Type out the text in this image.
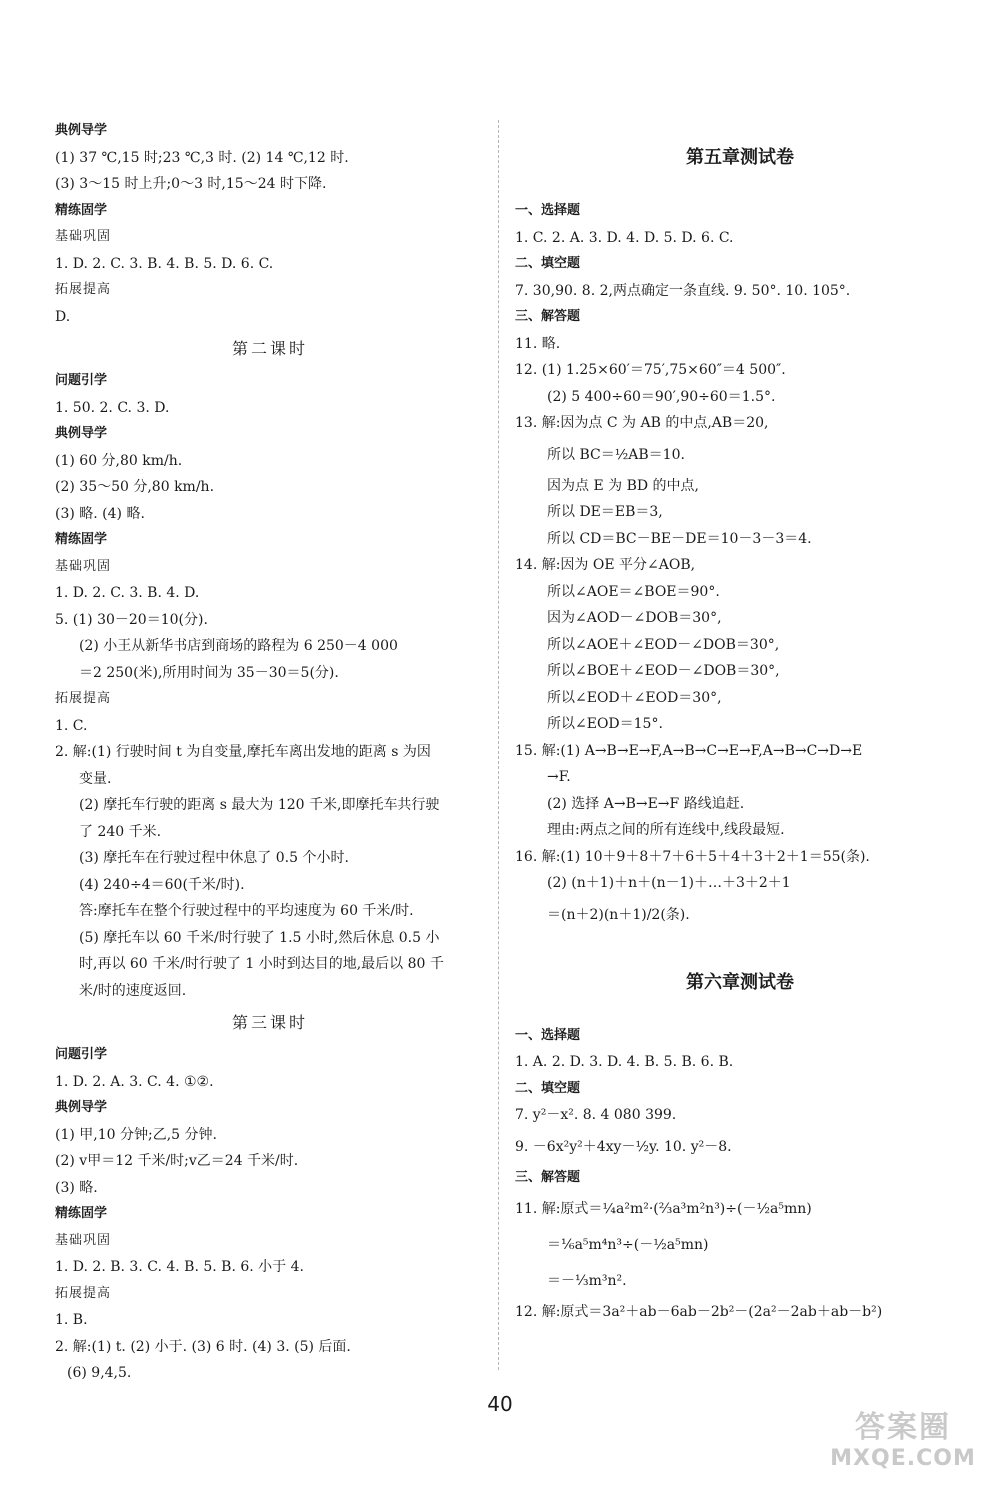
典例导学
(1) 37 ℃,15 时;23 ℃,3 时. (2) 14 ℃,12 时.
(3) 3～15 时上升;0～3 时,15～24 时下降.
精练固学
基础巩固
1. D. 2. C. 3. B. 4. B. 5. D. 6. C.
拓展提高
D.
第二课时
问题引学
1. 50. 2. C. 3. D.
典例导学
(1) 60 分,80 km/h.
(2) 35～50 分,80 km/h.
(3) 略. (4) 略.
精练固学
基础巩固
1. D. 2. C. 3. B. 4. D.
5. (1) 30－20＝10(分).
(2) 小王从新华书店到商场的路程为 6 250－4 000
＝2 250(米),所用时间为 35－30＝5(分).
拓展提高
1. C.
2. 解:(1) 行驶时间 t 为自变量,摩托车离出发地的距离 s 为因
变量.
(2) 摩托车行驶的距离 s 最大为 120 千米,即摩托车共行驶
了 240 千米.
(3) 摩托车在行驶过程中休息了 0.5 个小时.
(4) 240÷4＝60(千米/时).
答:摩托车在整个行驶过程中的平均速度为 60 千米/时.
(5) 摩托车以 60 千米/时行驶了 1.5 小时,然后休息 0.5 小
时,再以 60 千米/时行驶了 1 小时到达目的地,最后以 80 千
米/时的速度返回.
第三课时
问题引学
1. D. 2. A. 3. C. 4. ①②.
典例导学
(1) 甲,10 分钟;乙,5 分钟.
(2) v甲＝12 千米/时;v乙＝24 千米/时.
(3) 略.
精练固学
基础巩固
1. D. 2. B. 3. C. 4. B. 5. B. 6. 小于 4.
拓展提高
1. B.
2. 解:(1) t. (2) 小于. (3) 6 时. (4) 3. (5) 后面.
(6) 9,4,5.
第五章测试卷
一、选择题
1. C. 2. A. 3. D. 4. D. 5. D. 6. C.
二、填空题
7. 30,90. 8. 2,两点确定一条直线. 9. 50°. 10. 105°.
三、解答题
11. 略.
12. (1) 1.25×60′＝75′,75×60″＝4 500″.
(2) 5 400÷60＝90′,90÷60＝1.5°.
13. 解:因为点 C 为 AB 的中点,AB＝20,
所以 BC＝½AB＝10.
因为点 E 为 BD 的中点,
所以 DE＝EB＝3,
所以 CD＝BC－BE－DE＝10－3－3＝4.
14. 解:因为 OE 平分∠AOB,
所以∠AOE＝∠BOE＝90°.
因为∠AOD－∠DOB＝30°,
所以∠AOE＋∠EOD－∠DOB＝30°,
所以∠BOE＋∠EOD－∠DOB＝30°,
所以∠EOD＋∠EOD＝30°,
所以∠EOD＝15°.
15. 解:(1) A→B→E→F,A→B→C→E→F,A→B→C→D→E
→F.
(2) 选择 A→B→E→F 路线追赶.
理由:两点之间的所有连线中,线段最短.
16. 解:(1) 10＋9＋8＋7＋6＋5＋4＋3＋2＋1＝55(条).
(2) (n＋1)＋n＋(n－1)＋…＋3＋2＋1
＝(n＋2)(n＋1)/2(条).
第六章测试卷
一、选择题
1. A. 2. D. 3. D. 4. B. 5. B. 6. B.
二、填空题
7. y²－x². 8. 4 080 399.
9. －6x²y²＋4xy－½y. 10. y²－8.
三、解答题
11. 解:原式＝¼a²m²·(⅔a³m²n³)÷(－½a⁵mn)
＝⅙a⁵m⁴n³÷(－½a⁵mn)
＝－⅓m³n².
12. 解:原式＝3a²＋ab－6ab－2b²－(2a²－2ab＋ab－b²)
40
答案圈
MXQE.COM
